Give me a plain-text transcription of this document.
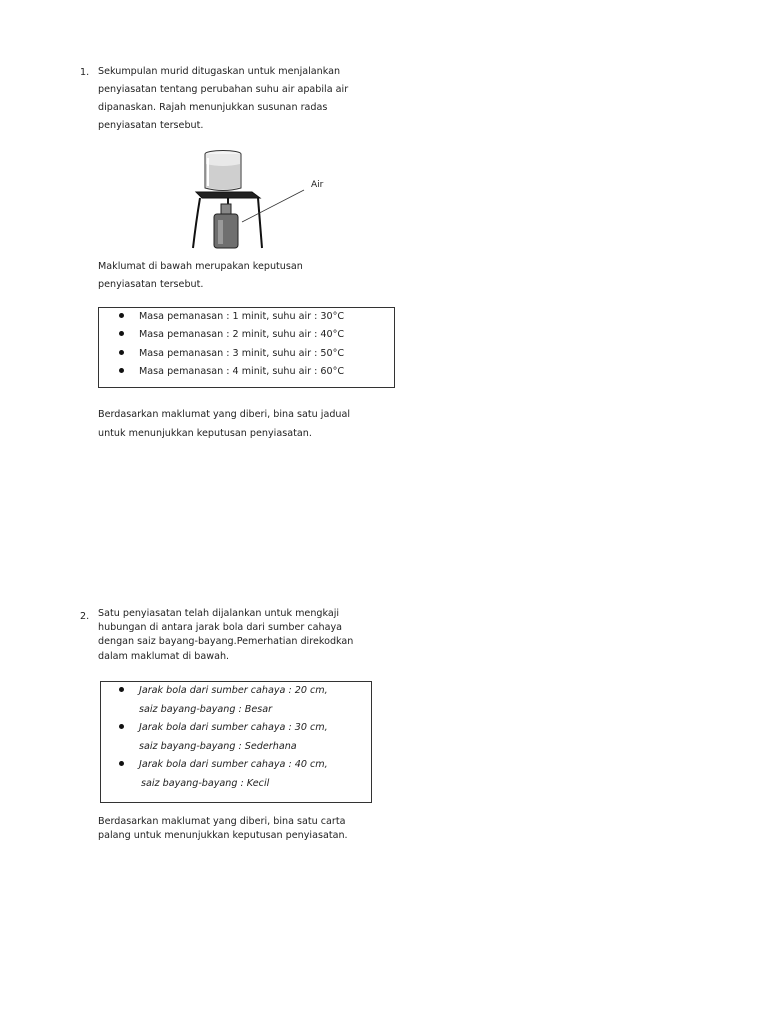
1. Sekumpulan murid ditugaskan untuk menjalankan
penyiasatan tentang perubahan suhu air apabila air
dipanaskan. Rajah menunjukkan susunan radas
penyiasatan tersebut.
Air
Maklumat di bawah merupakan keputusan
penyiasatan tersebut.
Masa pemanasan : 1 minit, suhu air : 30°C
Masa pemanasan : 2 minit, suhu air : 40°C
Masa pemanasan : 3 minit, suhu air : 50°C
Masa pemanasan : 4 minit, suhu air : 60°C
Berdasarkan maklumat yang diberi, bina satu jadual
untuk menunjukkan keputusan penyiasatan.
2. Satu penyiasatan telah dijalankan untuk mengkaji
hubungan di antara jarak bola dari sumber cahaya
dengan saiz bayang-bayang.Pemerhatian direkodkan
dalam maklumat di bawah.
Jarak bola dari sumber cahaya : 20 cm,
saiz bayang-bayang : Besar
Jarak bola dari sumber cahaya : 30 cm,
saiz bayang-bayang : Sederhana
Jarak bola dari sumber cahaya : 40 cm,
saiz bayang-bayang : Kecil
Berdasarkan maklumat yang diberi, bina satu carta
palang untuk menunjukkan keputusan penyiasatan.
